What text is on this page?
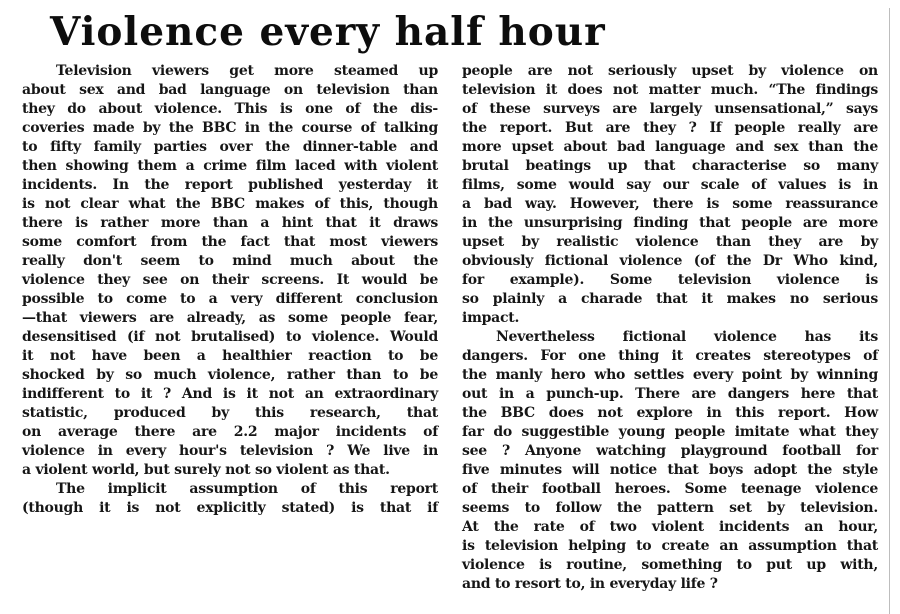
Violence every half hour
Television viewers get more steamed up
about sex and bad language on television than
they do about violence. This is one of the dis-
coveries made by the BBC in the course of talking
to fifty family parties over the dinner-table and
then showing them a crime film laced with violent
incidents. In the report published yesterday it
is not clear what the BBC makes of this, though
there is rather more than a hint that it draws
some comfort from the fact that most viewers
really don't seem to mind much about the
violence they see on their screens. It would be
possible to come to a very different conclusion
—that viewers are already, as some people fear,
desensitised (if not brutalised) to violence. Would
it not have been a healthier reaction to be
shocked by so much violence, rather than to be
indifferent to it ? And is it not an extraordinary
statistic, produced by this research, that
on average there are 2.2 major incidents of
violence in every hour's television ? We live in
a violent world, but surely not so violent as that.
The implicit assumption of this report
(though it is not explicitly stated) is that if
people are not seriously upset by violence on
television it does not matter much. “The findings
of these surveys are largely unsensational,” says
the report. But are they ? If people really are
more upset about bad language and sex than the
brutal beatings up that characterise so many
films, some would say our scale of values is in
a bad way. However, there is some reassurance
in the unsurprising finding that people are more
upset by realistic violence than they are by
obviously fictional violence (of the Dr Who kind,
for example). Some television violence is
so plainly a charade that it makes no serious
impact.
Nevertheless fictional violence has its
dangers. For one thing it creates stereotypes of
the manly hero who settles every point by winning
out in a punch-up. There are dangers here that
the BBC does not explore in this report. How
far do suggestible young people imitate what they
see ? Anyone watching playground football for
five minutes will notice that boys adopt the style
of their football heroes. Some teenage violence
seems to follow the pattern set by television.
At the rate of two violent incidents an hour,
is television helping to create an assumption that
violence is routine, something to put up with,
and to resort to, in everyday life ?
